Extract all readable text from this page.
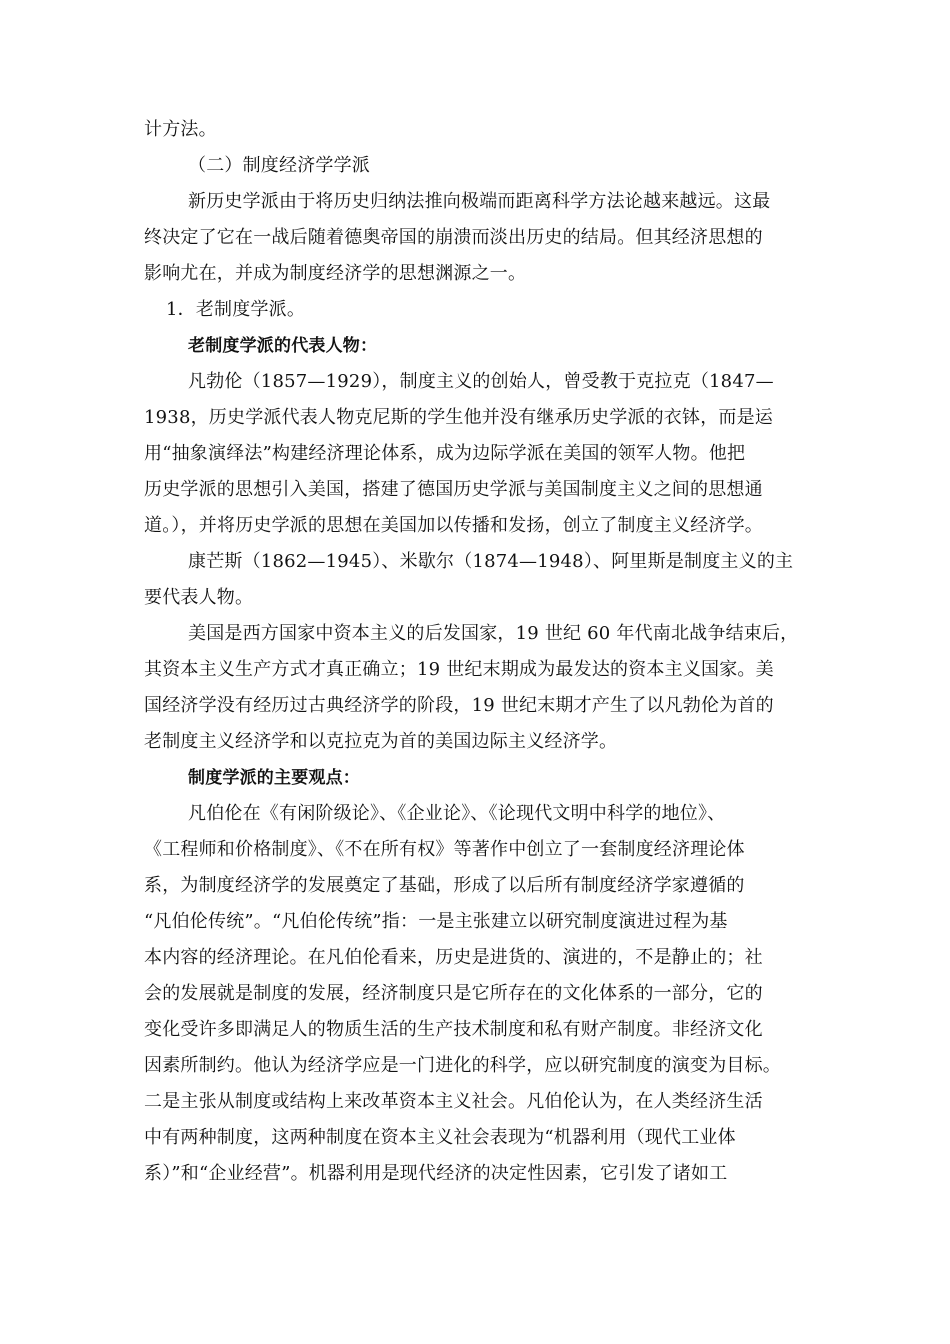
计方法。
（二）制度经济学学派
新历史学派由于将历史归纳法推向极端而距离科学方法论越来越远。这最
终决定了它在一战后随着德奥帝国的崩溃而淡出历史的结局。但其经济思想的
影响尤在，并成为制度经济学的思想渊源之一。
1．老制度学派。
老制度学派的代表人物：
凡勃伦（1857—1929），制度主义的创始人，曾受教于克拉克（1847—
1938，历史学派代表人物克尼斯的学生他并没有继承历史学派的衣钵，而是运
用“抽象演绎法”构建经济理论体系，成为边际学派在美国的领军人物。他把
历史学派的思想引入美国，搭建了德国历史学派与美国制度主义之间的思想通
道。），并将历史学派的思想在美国加以传播和发扬，创立了制度主义经济学。
康芒斯（1862—1945）、米歇尔（1874—1948）、阿里斯是制度主义的主
要代表人物。
美国是西方国家中资本主义的后发国家，19 世纪 60 年代南北战争结束后，
其资本主义生产方式才真正确立；19 世纪末期成为最发达的资本主义国家。美
国经济学没有经历过古典经济学的阶段，19 世纪末期才产生了以凡勃伦为首的
老制度主义经济学和以克拉克为首的美国边际主义经济学。
制度学派的主要观点：
凡伯伦在《有闲阶级论》、《企业论》、《论现代文明中科学的地位》、
《工程师和价格制度》、《不在所有权》等著作中创立了一套制度经济理论体
系，为制度经济学的发展奠定了基础，形成了以后所有制度经济学家遵循的
“凡伯伦传统”。“凡伯伦传统”指：一是主张建立以研究制度演进过程为基
本内容的经济理论。在凡伯伦看来，历史是进货的、演进的，不是静止的；社
会的发展就是制度的发展，经济制度只是它所存在的文化体系的一部分，它的
变化受许多即满足人的物质生活的生产技术制度和私有财产制度。非经济文化
因素所制约。他认为经济学应是一门进化的科学，应以研究制度的演变为目标。
二是主张从制度或结构上来改革资本主义社会。凡伯伦认为，在人类经济生活
中有两种制度，这两种制度在资本主义社会表现为“机器利用（现代工业体
系）”和“企业经营”。机器利用是现代经济的决定性因素，它引发了诸如工
